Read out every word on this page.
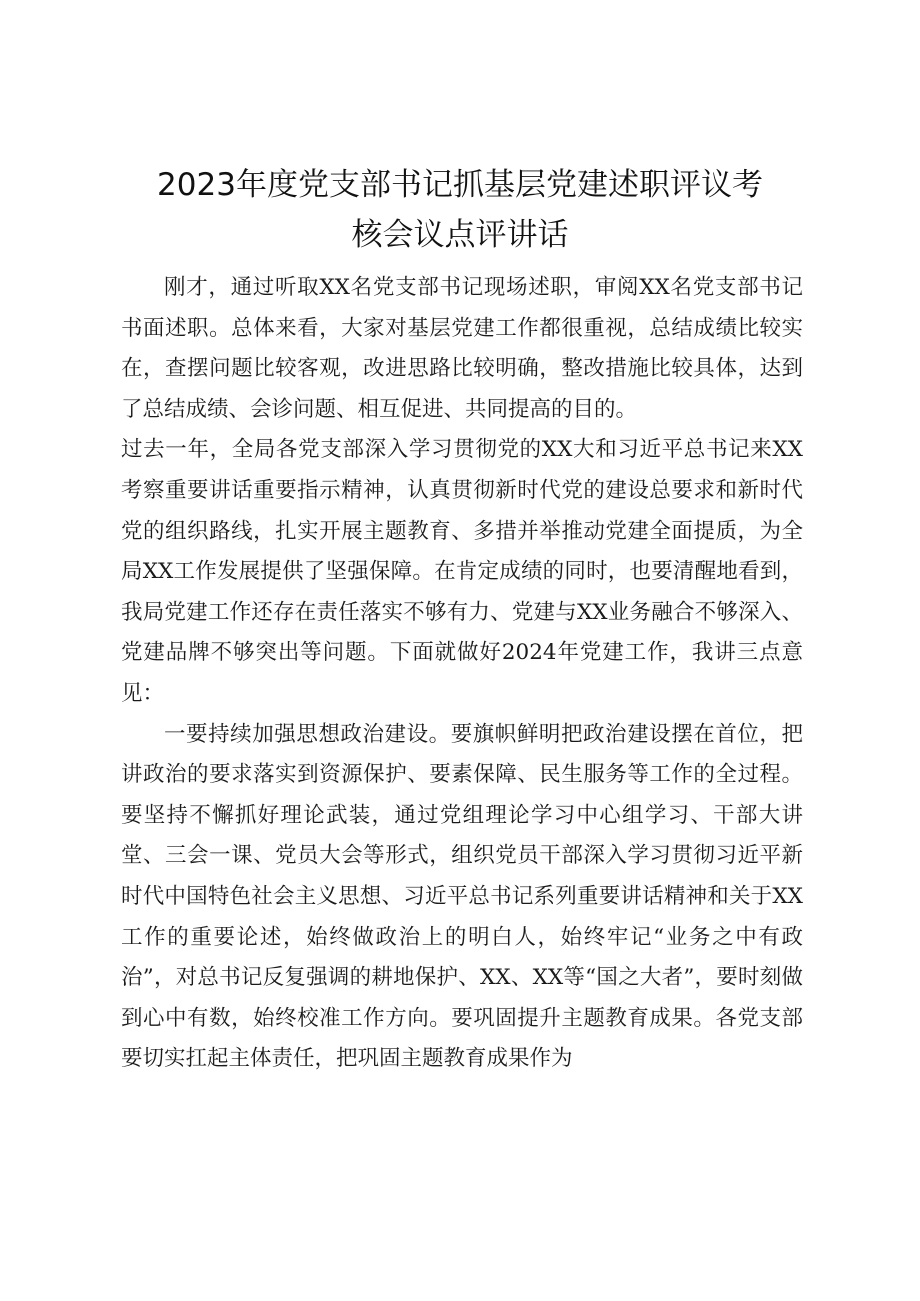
2023年度党支部书记抓基层党建述职评议考
核会议点评讲话

刚才，通过听取XX名党支部书记现场述职，审阅XX名党支部书记书面述职。总体来看，大家对基层党建工作都很重视，总结成绩比较实在，查摆问题比较客观，改进思路比较明确，整改措施比较具体，达到了总结成绩、会诊问题、相互促进、共同提高的目的。

过去一年，全局各党支部深入学习贯彻党的XX大和习近平总书记来XX考察重要讲话重要指示精神，认真贯彻新时代党的建设总要求和新时代党的组织路线，扎实开展主题教育、多措并举推动党建全面提质，为全局XX工作发展提供了坚强保障。在肯定成绩的同时，也要清醒地看到，我局党建工作还存在责任落实不够有力、党建与XX业务融合不够深入、党建品牌不够突出等问题。下面就做好2024年党建工作，我讲三点意见：

一要持续加强思想政治建设。要旗帜鲜明把政治建设摆在首位，把讲政治的要求落实到资源保护、要素保障、民生服务等工作的全过程。要坚持不懈抓好理论武装，通过党组理论学习中心组学习、干部大讲堂、三会一课、党员大会等形式，组织党员干部深入学习贯彻习近平新时代中国特色社会主义思想、习近平总书记系列重要讲话精神和关于XX工作的重要论述，始终做政治上的明白人，始终牢记“业务之中有政治”，对总书记反复强调的耕地保护、XX、XX等“国之大者”，要时刻做到心中有数，始终校准工作方向。要巩固提升主题教育成果。各党支部要切实扛起主体责任，把巩固主题教育成果作为
